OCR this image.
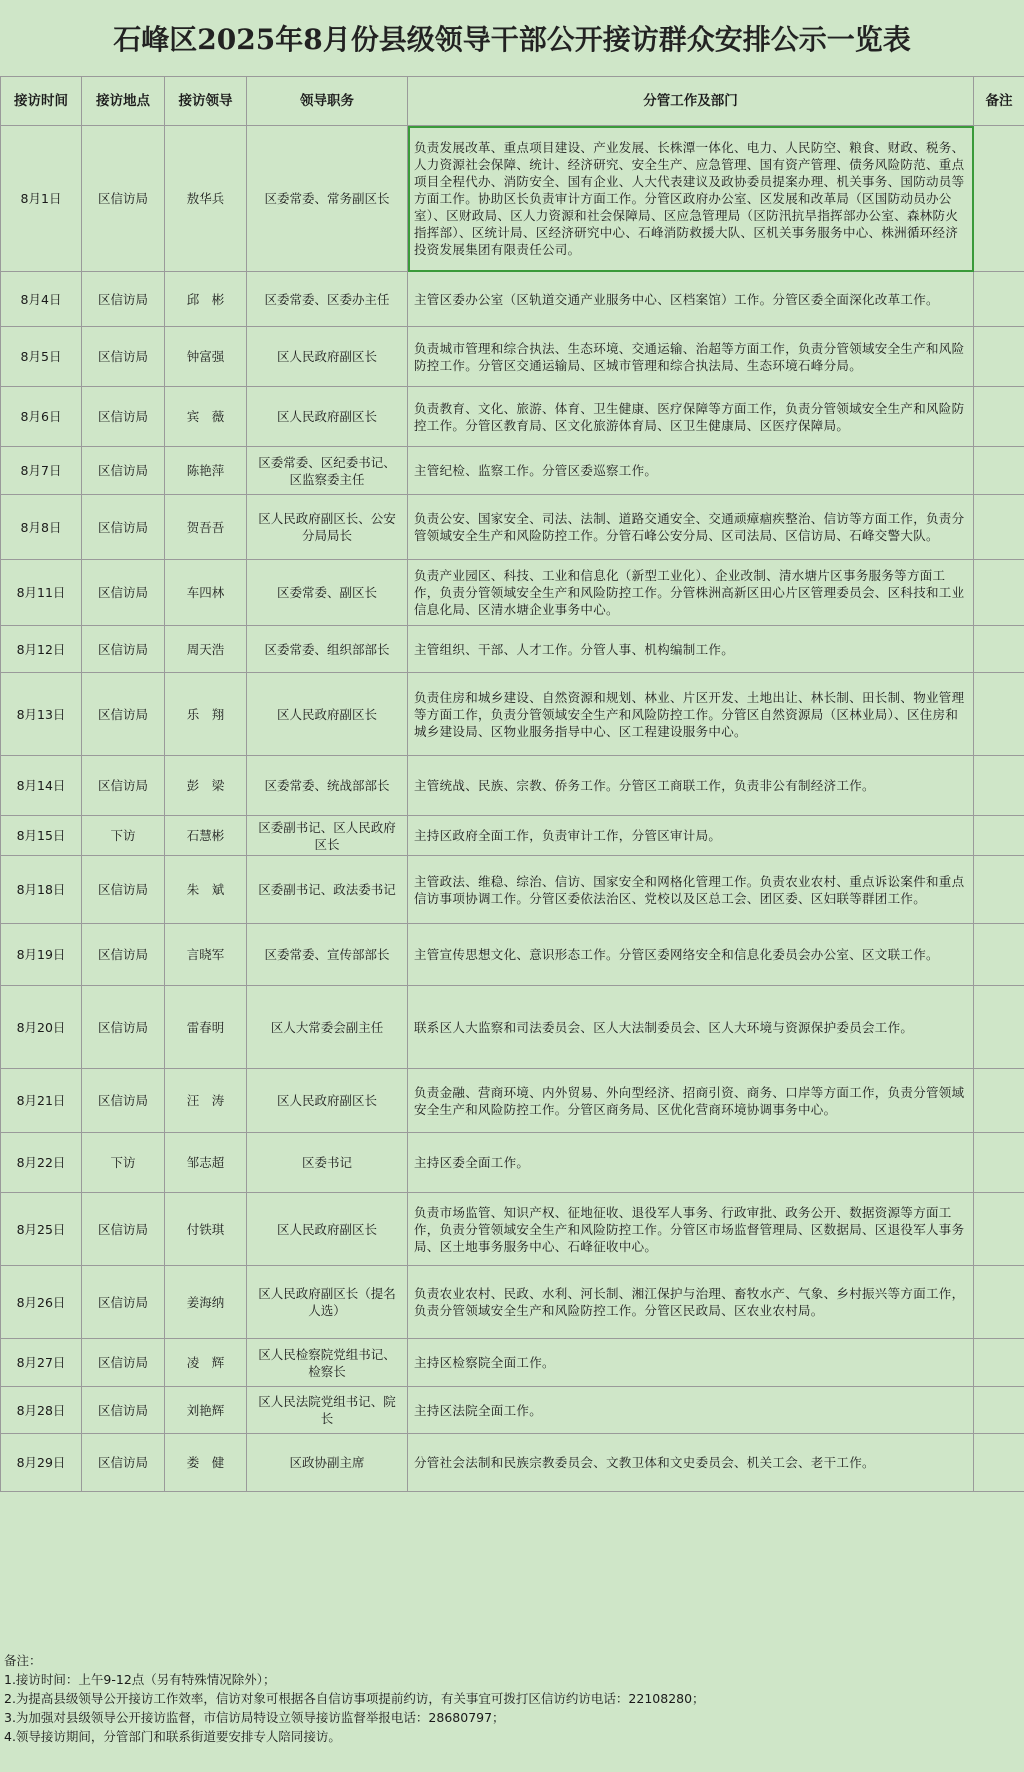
石峰区2025年8月份县级领导干部公开接访群众安排公示一览表
接访时间	接访地点	接访领导	领导职务	分管工作及部门	备注
8月1日	区信访局	敖华兵	区委常委、常务副区长	负责发展改革、重点项目建设、产业发展、长株潭一体化、电力、人民防空、粮食、财政、税务、人力资源社会保障、统计、经济研究、安全生产、应急管理、国有资产管理、债务风险防范、重点项目全程代办、消防安全、国有企业、人大代表建议及政协委员提案办理、机关事务、国防动员等方面工作。协助区长负责审计方面工作。分管区政府办公室、区发展和改革局（区国防动员办公室）、区财政局、区人力资源和社会保障局、区应急管理局（区防汛抗旱指挥部办公室、森林防火指挥部）、区统计局、区经济研究中心、石峰消防救援大队、区机关事务服务中心、株洲循环经济投资发展集团有限责任公司。	
8月4日	区信访局	邱　彬	区委常委、区委办主任	主管区委办公室（区轨道交通产业服务中心、区档案馆）工作。分管区委全面深化改革工作。	
8月5日	区信访局	钟富强	区人民政府副区长	负责城市管理和综合执法、生态环境、交通运输、治超等方面工作，负责分管领域安全生产和风险防控工作。分管区交通运输局、区城市管理和综合执法局、生态环境石峰分局。	
8月6日	区信访局	宾　薇	区人民政府副区长	负责教育、文化、旅游、体育、卫生健康、医疗保障等方面工作，负责分管领域安全生产和风险防控工作。分管区教育局、区文化旅游体育局、区卫生健康局、区医疗保障局。	
8月7日	区信访局	陈艳萍	区委常委、区纪委书记、区监察委主任	主管纪检、监察工作。分管区委巡察工作。	
8月8日	区信访局	贺吾吾	区人民政府副区长、公安分局局长	负责公安、国家安全、司法、法制、道路交通安全、交通顽瘴痼疾整治、信访等方面工作，负责分管领域安全生产和风险防控工作。分管石峰公安分局、区司法局、区信访局、石峰交警大队。	
8月11日	区信访局	车四林	区委常委、副区长	负责产业园区、科技、工业和信息化（新型工业化）、企业改制、清水塘片区事务服务等方面工作，负责分管领域安全生产和风险防控工作。分管株洲高新区田心片区管理委员会、区科技和工业信息化局、区清水塘企业事务中心。	
8月12日	区信访局	周天浩	区委常委、组织部部长	主管组织、干部、人才工作。分管人事、机构编制工作。	
8月13日	区信访局	乐　翔	区人民政府副区长	负责住房和城乡建设、自然资源和规划、林业、片区开发、土地出让、林长制、田长制、物业管理等方面工作，负责分管领域安全生产和风险防控工作。分管区自然资源局（区林业局）、区住房和城乡建设局、区物业服务指导中心、区工程建设服务中心。	
8月14日	区信访局	彭　梁	区委常委、统战部部长	主管统战、民族、宗教、侨务工作。分管区工商联工作，负责非公有制经济工作。	
8月15日	下访	石慧彬	区委副书记、区人民政府区长	主持区政府全面工作，负责审计工作，分管区审计局。	
8月18日	区信访局	朱　斌	区委副书记、政法委书记	主管政法、维稳、综治、信访、国家安全和网格化管理工作。负责农业农村、重点诉讼案件和重点信访事项协调工作。分管区委依法治区、党校以及区总工会、团区委、区妇联等群团工作。	
8月19日	区信访局	言晓军	区委常委、宣传部部长	主管宣传思想文化、意识形态工作。分管区委网络安全和信息化委员会办公室、区文联工作。	
8月20日	区信访局	雷春明	区人大常委会副主任	联系区人大监察和司法委员会、区人大法制委员会、区人大环境与资源保护委员会工作。	
8月21日	区信访局	汪　涛	区人民政府副区长	负责金融、营商环境、内外贸易、外向型经济、招商引资、商务、口岸等方面工作，负责分管领域安全生产和风险防控工作。分管区商务局、区优化营商环境协调事务中心。	
8月22日	下访	邹志超	区委书记	主持区委全面工作。	
8月25日	区信访局	付铁琪	区人民政府副区长	负责市场监管、知识产权、征地征收、退役军人事务、行政审批、政务公开、数据资源等方面工作，负责分管领域安全生产和风险防控工作。分管区市场监督管理局、区数据局、区退役军人事务局、区土地事务服务中心、石峰征收中心。	
8月26日	区信访局	姜海纳	区人民政府副区长（提名人选）	负责农业农村、民政、水利、河长制、湘江保护与治理、畜牧水产、气象、乡村振兴等方面工作，负责分管领域安全生产和风险防控工作。分管区民政局、区农业农村局。	
8月27日	区信访局	凌　辉	区人民检察院党组书记、检察长	主持区检察院全面工作。	
8月28日	区信访局	刘艳辉	区人民法院党组书记、院长	主持区法院全面工作。	
8月29日	区信访局	娄　健	区政协副主席	分管社会法制和民族宗教委员会、文教卫体和文史委员会、机关工会、老干工作。	
备注：
1.接访时间：上午9-12点（另有特殊情况除外）；
2.为提高县级领导公开接访工作效率，信访对象可根据各自信访事项提前约访，有关事宜可拨打区信访约访电话：22108280；
3.为加强对县级领导公开接访监督，市信访局特设立领导接访监督举报电话：28680797；
4.领导接访期间，分管部门和联系街道要安排专人陪同接访。
